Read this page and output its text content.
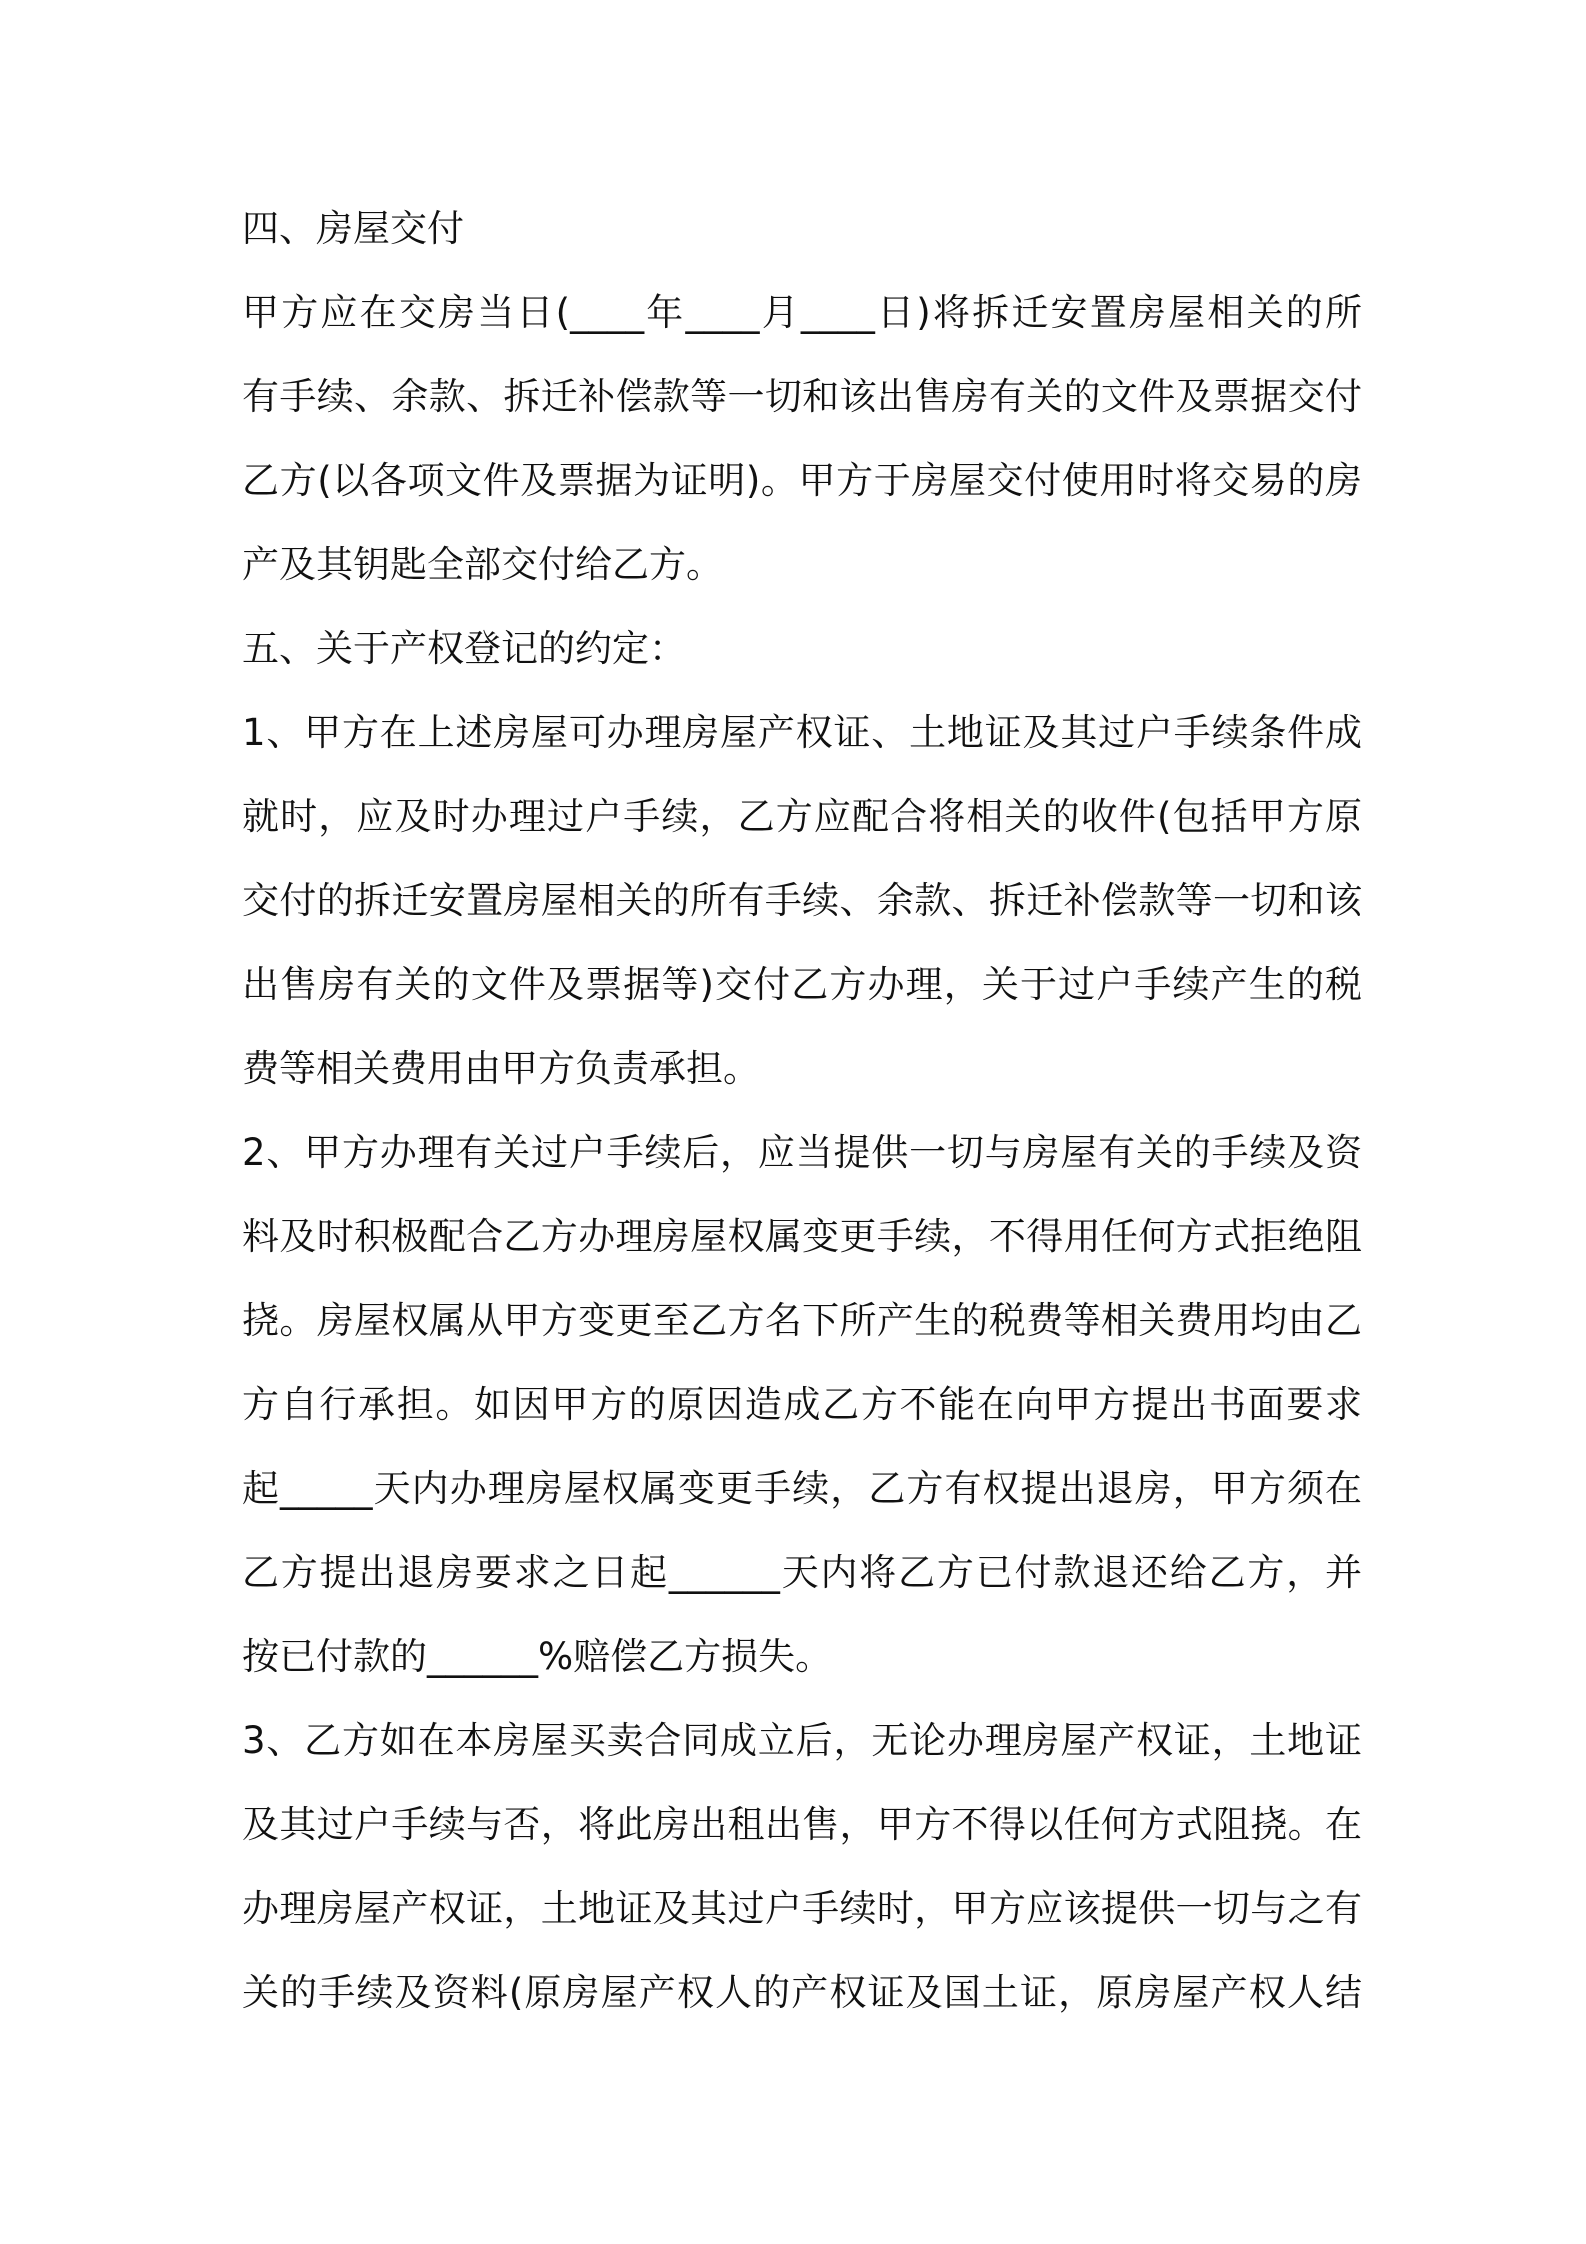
四、房屋交付
甲方应在交房当日(____年____月____日)将拆迁安置房屋相关的所
有手续、余款、拆迁补偿款等一切和该出售房有关的文件及票据交付
乙方(以各项文件及票据为证明)。甲方于房屋交付使用时将交易的房
产及其钥匙全部交付给乙方。
五、关于产权登记的约定：
1、甲方在上述房屋可办理房屋产权证、土地证及其过户手续条件成
就时，应及时办理过户手续，乙方应配合将相关的收件(包括甲方原
交付的拆迁安置房屋相关的所有手续、余款、拆迁补偿款等一切和该
出售房有关的文件及票据等)交付乙方办理，关于过户手续产生的税
费等相关费用由甲方负责承担。
2、甲方办理有关过户手续后，应当提供一切与房屋有关的手续及资
料及时积极配合乙方办理房屋权属变更手续，不得用任何方式拒绝阻
挠。房屋权属从甲方变更至乙方名下所产生的税费等相关费用均由乙
方自行承担。如因甲方的原因造成乙方不能在向甲方提出书面要求
起_____天内办理房屋权属变更手续，乙方有权提出退房，甲方须在
乙方提出退房要求之日起______天内将乙方已付款退还给乙方，并
按已付款的______%赔偿乙方损失。
3、乙方如在本房屋买卖合同成立后，无论办理房屋产权证，土地证
及其过户手续与否，将此房出租出售，甲方不得以任何方式阻挠。在
办理房屋产权证，土地证及其过户手续时，甲方应该提供一切与之有
关的手续及资料(原房屋产权人的产权证及国土证，原房屋产权人结
